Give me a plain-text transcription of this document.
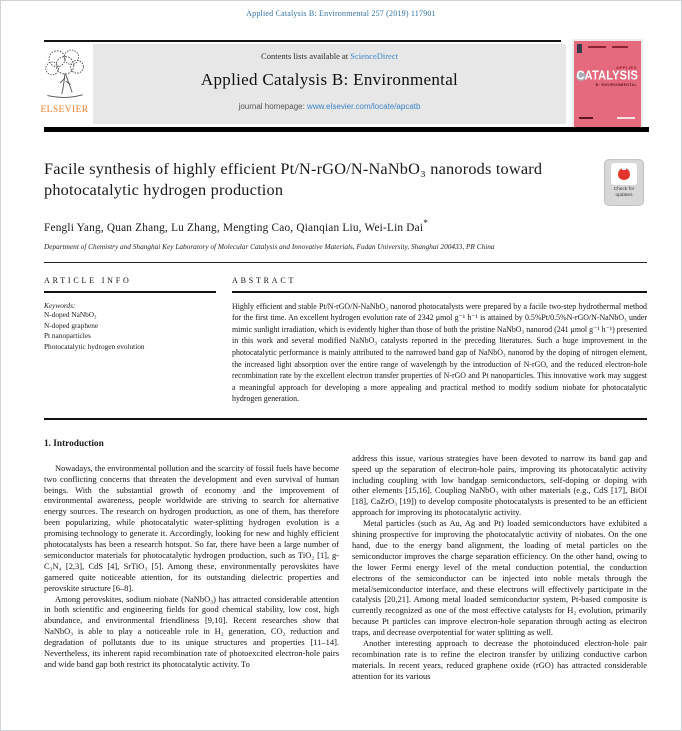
Applied Catalysis B: Environmental 257 (2019) 117901
ELSEVIER
Contents lists available at ScienceDirect
Applied Catalysis B: Environmental
journal homepage: www.elsevier.com/locate/apcatb
APPLIED
CATALYSIS
B: ENVIRONMENTAL
Facile synthesis of highly efficient Pt/N-rGO/N-NaNbO₃ nanorods toward photocatalytic hydrogen production	Check for updates
Fengli Yang, Quan Zhang, Lu Zhang, Mengting Cao, Qianqian Liu, Wei-Lin Dai*
Department of Chemistry and Shanghai Key Laboratory of Molecular Catalysis and Innovative Materials, Fudan University, Shanghai 200433, PR China
ARTICLE INFO
Keywords:
N-doped NaNbO₃
N-doped graphene
Pt nanoparticles
Photocatalytic hydrogen evolution
ABSTRACT
Highly efficient and stable Pt/N-rGO/N-NaNbO₃ nanorod photocatalysts were prepared by a facile two-step hydrothermal method for the first time. An excellent hydrogen evolution rate of 2342 μmol g⁻¹ h⁻¹ is attained by 0.5%Pt/0.5%N-rGO/N-NaNbO₃ under mimic sunlight irradiation, which is evidently higher than those of both the pristine NaNbO₃ nanorod (241 μmol g⁻¹ h⁻¹) presented in this work and several modified NaNbO₃ catalysts reported in the preceding literatures. Such a huge improvement in the photocatalytic performance is mainly attributed to the narrowed band gap of NaNbO₃ nanorod by the doping of nitrogen element, the increased light absorption over the entire range of wavelength by the introduction of N-rGO, and the reduced electron-hole recombination rate by the excellent electron transfer properties of N-rGO and Pt nanoparticles. This innovative work may suggest a meaningful approach for developing a more appealing and practical method to modify sodium niobate for photocatalytic hydrogen generation.
1. Introduction

Nowadays, the environmental pollution and the scarcity of fossil fuels have become two conflicting concerns that threaten the development and even survival of human beings. With the substantial growth of economy and the improvement of environmental awareness, people worldwide are striving to search for alternative energy sources. The research on hydrogen production, as one of them, has therefore been popularizing, while photocatalytic water-splitting hydrogen evolution is a promising technology to generate it. Accordingly, looking for new and highly efficient photocatalysts has been a research hotspot. So far, there have been a large number of semiconductor materials for photocatalytic hydrogen production, such as TiO₂ [1], g-C₃N₄ [2,3], CdS [4], SrTiO₃ [5]. Among these, environmentally perovskites have garnered quite noticeable attention, for its outstanding dielectric properties and perovskite structure [6–8].

Among perovskites, sodium niobate (NaNbO₃) has attracted considerable attention in both scientific and engineering fields for good chemical stability, low cost, high abundance, and environmental friendliness [9,10]. Recent researches show that NaNbO₃ is able to play a noticeable role in H₂ generation, CO₂ reduction and degradation of pollutants due to its unique structures and properties [11–14]. Nevertheless, its inherent rapid recombination rate of photoexcited electron-hole pairs and wide band gap both restrict its photocatalytic activity. To

address this issue, various strategies have been devoted to narrow its band gap and speed up the separation of electron-hole pairs, improving its photocatalytic activity including coupling with low bandgap semiconductors, self-doping or doping with other elements [15,16]. Coupling NaNbO₃ with other materials (e.g., CdS [17], BiOI [18], CaZrO₃ [19]) to develop composite photocatalysts is presented to be an efficient approach for improving its photocatalytic activity.

Metal particles (such as Au, Ag and Pt) loaded semiconductors have exhibited a shining prospective for improving the photocatalytic activity of niobates. On the one hand, due to the energy band alignment, the loading of metal particles on the semiconductor improves the charge separation efficiency. On the other hand, owing to the lower Fermi energy level of the metal conduction potential, the conduction electrons of the semiconductor can be injected into noble metals through the metal/semiconductor interface, and these electrons will effectively participate in the catalysis [20,21]. Among metal loaded semiconductor system, Pt-based composite is currently recognized as one of the most effective catalysts for H₂ evolution, primarily because Pt particles can improve electron-hole separation through acting as electron traps, and decrease overpotential for water splitting as well.

Another interesting approach to decrease the photoinduced electron-hole pair recombination rate is to refine the electron transfer by utilizing conductive carbon materials. In recent years, reduced graphene oxide (rGO) has attracted considerable attention for its various
